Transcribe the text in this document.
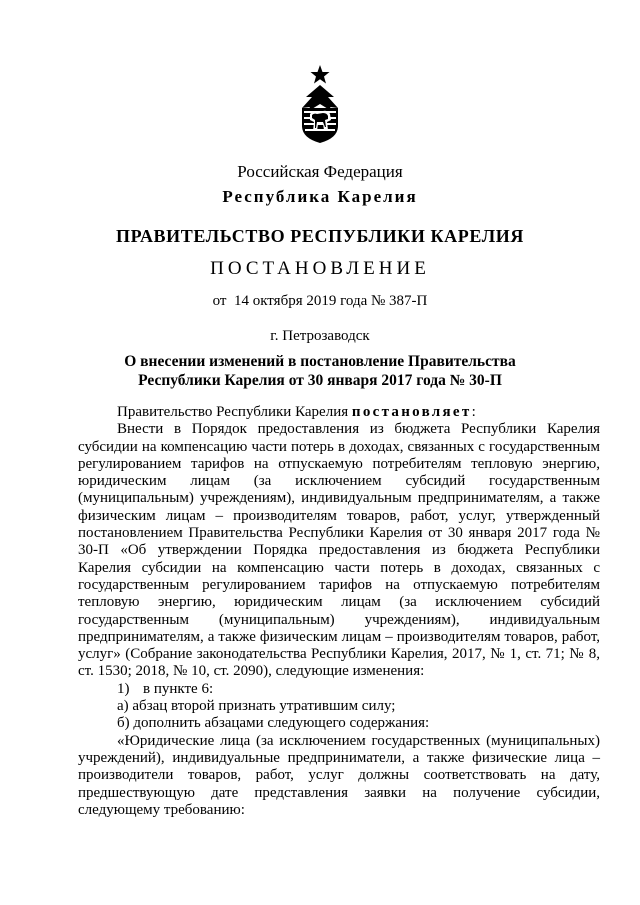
Российская Федерация
Республика Карелия
ПРАВИТЕЛЬСТВО РЕСПУБЛИКИ КАРЕЛИЯ
ПОСТАНОВЛЕНИЕ
от  14 октября 2019 года № 387-П
г. Петрозаводск
О внесении изменений в постановление Правительства
Республики Карелия от 30 января 2017 года № 30-П

Правительство Республики Карелия постановляет:

Внести в Порядок предоставления из бюджета Республики Карелия субсидии на компенсацию части потерь в доходах, связанных с государственным регулированием тарифов на отпускаемую потребителям тепловую энергию, юридическим лицам (за исключением субсидий государственным (муниципальным) учреждениям), индивидуальным предпринимателям, а также физическим лицам – производителям товаров, работ, услуг, утвержденный постановлением Правительства Республики Карелия от 30 января 2017 года № 30-П «Об утверждении Порядка предоставления из бюджета Республики Карелия субсидии на компенсацию части потерь в доходах, связанных с государственным регулированием тарифов на отпускаемую потребителям тепловую энергию, юридическим лицам (за исключением субсидий государственным (муниципальным) учреждениям), индивидуальным предпринимателям, а также физическим лицам – производителям товаров, работ, услуг» (Собрание законодательства Республики Карелия, 2017, № 1, ст. 71; № 8, ст. 1530; 2018, № 10, ст. 2090), следующие изменения:

1) в пункте 6:

а) абзац второй признать утратившим силу;

б) дополнить абзацами следующего содержания:

«Юридические лица (за исключением государственных (муниципальных) учреждений), индивидуальные предприниматели, а также физические лица – производители товаров, работ, услуг должны соответствовать на дату, предшествующую дате представления заявки на получение субсидии, следующему требованию:
